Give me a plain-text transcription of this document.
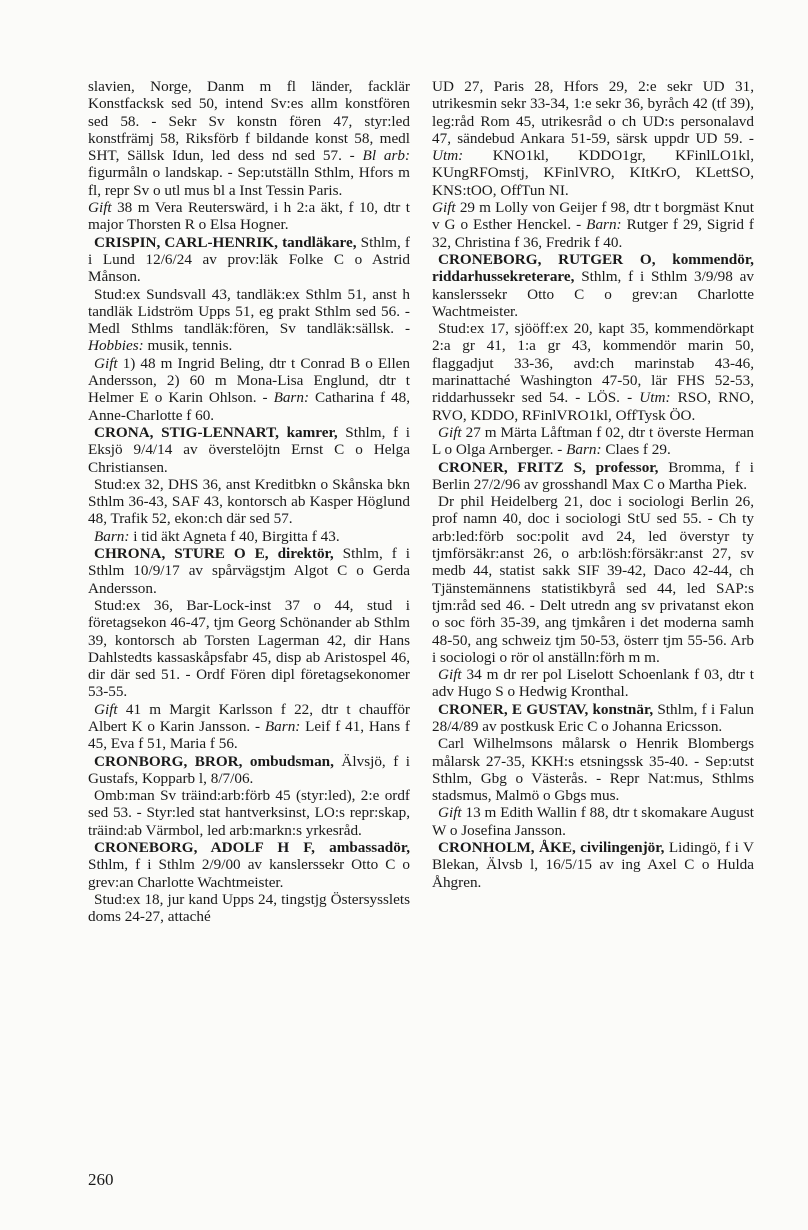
slavien, Norge, Danm m fl länder, facklär Konstfacksk sed 50, intend Sv:es allm konstfören sed 58. - Sekr Sv konstn fören 47, styr:led konstfrämj 58, Riksförb f bildande konst 58, medl SHT, Sällsk Idun, led dess nd sed 57. - Bl arb: figurmåln o landskap. - Sep:utställn Sthlm, Hfors m fl, repr Sv o utl mus bl a Inst Tessin Paris.

Gift 38 m Vera Reuterswärd, i h 2:a äkt, f 10, dtr t major Thorsten R o Elsa Hogner.

CRISPIN, CARL-HENRIK, tandläkare, Sthlm, f i Lund 12/6/24 av prov:läk Folke C o Astrid Månson.

Stud:ex Sundsvall 43, tandläk:ex Sthlm 51, anst h tandläk Lidström Upps 51, eg prakt Sthlm sed 56. - Medl Sthlms tandläk:fören, Sv tandläk:sällsk. - Hobbies: musik, tennis.

Gift 1) 48 m Ingrid Beling, dtr t Conrad B o Ellen Andersson, 2) 60 m Mona-Lisa Englund, dtr t Helmer E o Karin Ohlson. - Barn: Catharina f 48, Anne-Charlotte f 60.

CRONA, STIG-LENNART, kamrer, Sthlm, f i Eksjö 9/4/14 av överstelöjtn Ernst C o Helga Christiansen.

Stud:ex 32, DHS 36, anst Kreditbkn o Skånska bkn Sthlm 36-43, SAF 43, kontorsch ab Kasper Höglund 48, Trafik 52, ekon:ch där sed 57.

Barn: i tid äkt Agneta f 40, Birgitta f 43.

CHRONA, STURE O E, direktör, Sthlm, f i Sthlm 10/9/17 av spårvägstjm Algot C o Gerda Andersson.

Stud:ex 36, Bar-Lock-inst 37 o 44, stud i företagsekon 46-47, tjm Georg Schönander ab Sthlm 39, kontorsch ab Torsten Lagerman 42, dir Hans Dahlstedts kassaskåpsfabr 45, disp ab Aristospel 46, dir där sed 51. - Ordf Fören dipl företagsekonomer 53-55.

Gift 41 m Margit Karlsson f 22, dtr t chaufför Albert K o Karin Jansson. - Barn: Leif f 41, Hans f 45, Eva f 51, Maria f 56.

CRONBORG, BROR, ombudsman, Älvsjö, f i Gustafs, Kopparb l, 8/7/06.

Omb:man Sv träind:arb:förb 45 (styr:led), 2:e ordf sed 53. - Styr:led stat hantverksinst, LO:s repr:skap, träind:ab Värmbol, led arb:markn:s yrkesråd.

CRONEBORG, ADOLF H F, ambassadör, Sthlm, f i Sthlm 2/9/00 av kanslerssekr Otto C o grev:an Charlotte Wachtmeister.

Stud:ex 18, jur kand Upps 24, tingstjg Östersysslets doms 24-27, attaché

UD 27, Paris 28, Hfors 29, 2:e sekr UD 31, utrikesmin sekr 33-34, 1:e sekr 36, byråch 42 (tf 39), leg:råd Rom 45, utrikesråd o ch UD:s personalavd 47, sändebud Ankara 51-59, särsk uppdr UD 59. - Utm: KNO1kl, KDDO1gr, KFinlLO1kl, KUngRFOmstj, KFinlVRO, KItKrO, KLettSO, KNS:tOO, OffTun NI.

Gift 29 m Lolly von Geijer f 98, dtr t borgmäst Knut v G o Esther Henckel. - Barn: Rutger f 29, Sigrid f 32, Christina f 36, Fredrik f 40.

CRONEBORG, RUTGER O, kommendör, riddarhussekreterare, Sthlm, f i Sthlm 3/9/98 av kanslerssekr Otto C o grev:an Charlotte Wachtmeister.

Stud:ex 17, sjööff:ex 20, kapt 35, kommendörkapt 2:a gr 41, 1:a gr 43, kommendör marin 50, flaggadjut 33-36, avd:ch marinstab 43-46, marinattaché Washington 47-50, lär FHS 52-53, riddarhussekr sed 54. - LÖS. - Utm: RSO, RNO, RVO, KDDO, RFinlVRO1kl, OffTysk ÖO.

Gift 27 m Märta Låftman f 02, dtr t överste Herman L o Olga Arnberger. - Barn: Claes f 29.

CRONER, FRITZ S, professor, Bromma, f i Berlin 27/2/96 av grosshandl Max C o Martha Piek.

Dr phil Heidelberg 21, doc i sociologi Berlin 26, prof namn 40, doc i sociologi StU sed 55. - Ch ty arb:led:förb soc:polit avd 24, led överstyr ty tjmförsäkr:anst 26, o arb:lösh:försäkr:anst 27, sv medb 44, statist sakk SIF 39-42, Daco 42-44, ch Tjänstemännens statistikbyrå sed 44, led SAP:s tjm:råd sed 46. - Delt utredn ang sv privatanst ekon o soc förh 35-39, ang tjmkåren i det moderna samh 48-50, ang schweiz tjm 50-53, österr tjm 55-56. Arb i sociologi o rör ol anställn:förh m m.

Gift 34 m dr rer pol Liselott Schoenlank f 03, dtr t adv Hugo S o Hedwig Kronthal.

CRONER, E GUSTAV, konstnär, Sthlm, f i Falun 28/4/89 av postkusk Eric C o Johanna Ericsson.

Carl Wilhelmsons målarsk o Henrik Blombergs målarsk 27-35, KKH:s etsningssk 35-40. - Sep:utst Sthlm, Gbg o Västerås. - Repr Nat:mus, Sthlms stadsmus, Malmö o Gbgs mus.

Gift 13 m Edith Wallin f 88, dtr t skomakare August W o Josefina Jansson.

CRONHOLM, ÅKE, civilingenjör, Lidingö, f i V Blekan, Älvsb l, 16/5/15 av ing Axel C o Hulda Åhgren.
260
